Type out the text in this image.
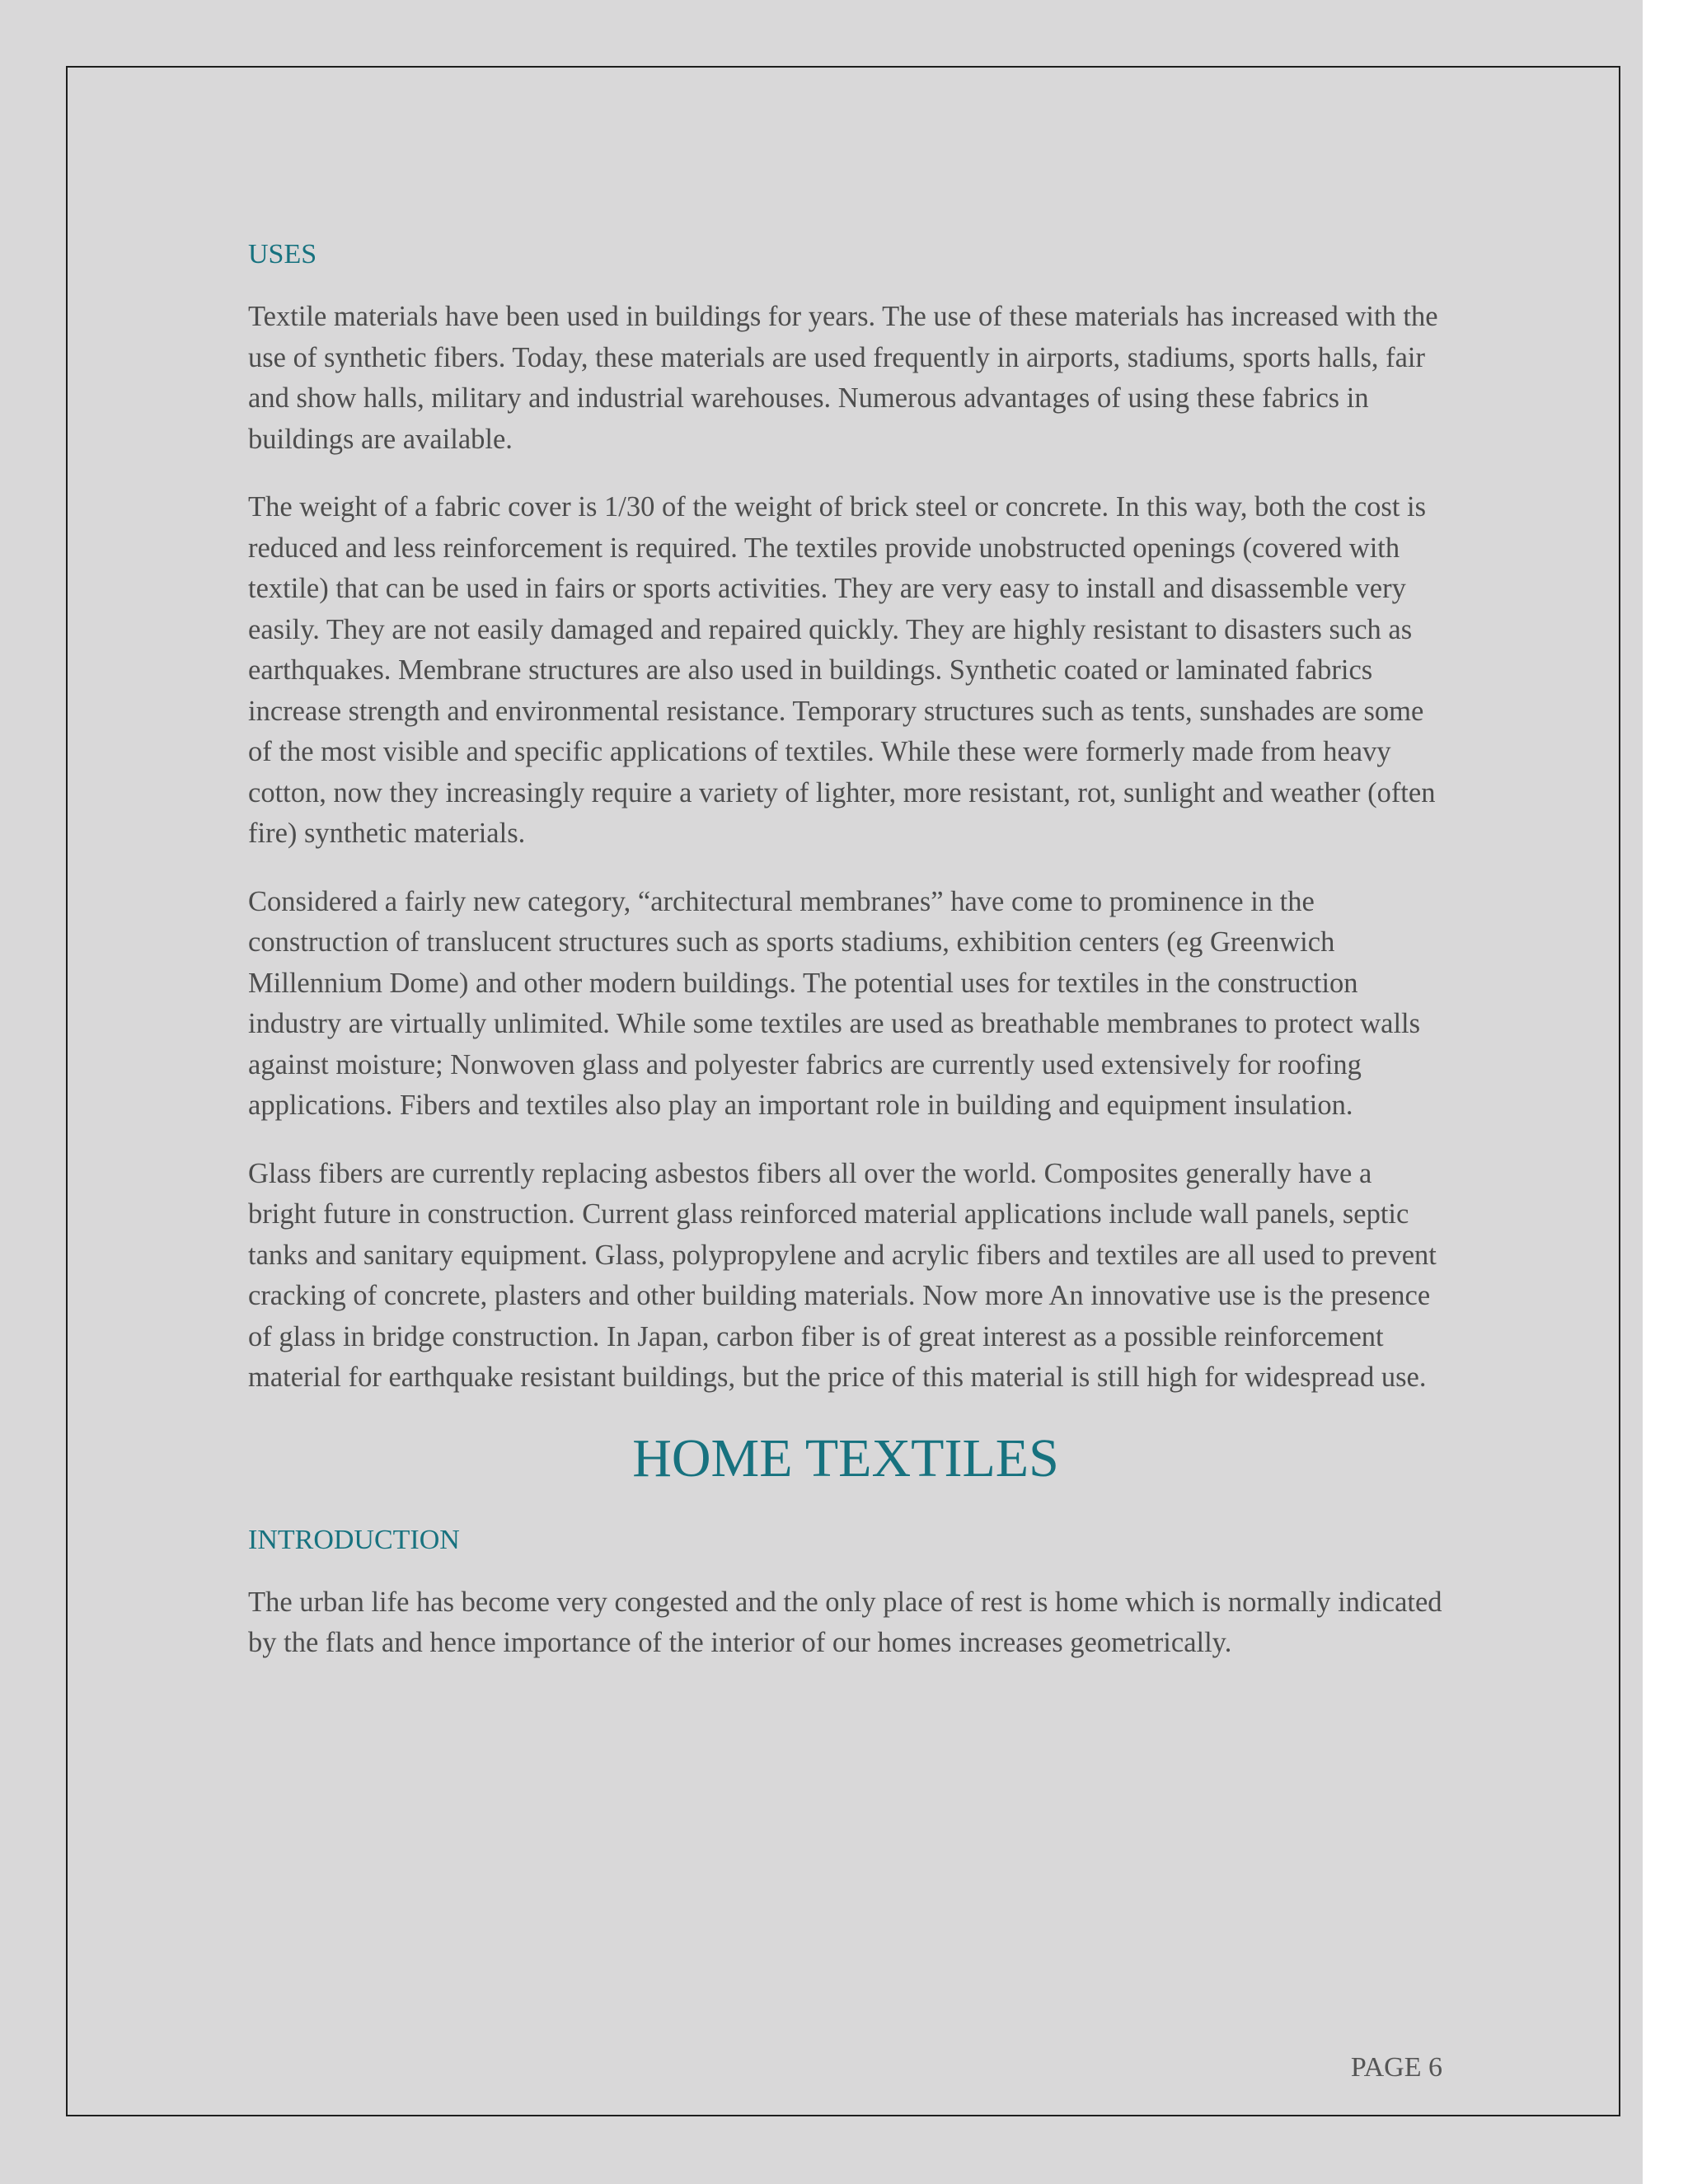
USES

Textile materials have been used in buildings for years. The use of these materials has increased with the use of synthetic fibers. Today, these materials are used frequently in airports, stadiums, sports halls, fair and show halls, military and industrial warehouses. Numerous advantages of using these fabrics in buildings are available.

The weight of a fabric cover is 1/30 of the weight of brick steel or concrete. In this way, both the cost is reduced and less reinforcement is required. The textiles provide unobstructed openings (covered with textile) that can be used in fairs or sports activities. They are very easy to install and disassemble very easily. They are not easily damaged and repaired quickly. They are highly resistant to disasters such as earthquakes. Membrane structures are also used in buildings. Synthetic coated or laminated fabrics increase strength and environmental resistance. Temporary structures such as tents, sunshades are some of the most visible and specific applications of textiles. While these were formerly made from heavy cotton, now they increasingly require a variety of lighter, more resistant, rot, sunlight and weather (often fire) synthetic materials.

Considered a fairly new category, “architectural membranes” have come to prominence in the construction of translucent structures such as sports stadiums, exhibition centers (eg Greenwich Millennium Dome) and other modern buildings. The potential uses for textiles in the construction industry are virtually unlimited. While some textiles are used as breathable membranes to protect walls against moisture; Nonwoven glass and polyester fabrics are currently used extensively for roofing applications. Fibers and textiles also play an important role in building and equipment insulation.

Glass fibers are currently replacing asbestos fibers all over the world. Composites generally have a bright future in construction. Current glass reinforced material applications include wall panels, septic tanks and sanitary equipment. Glass, polypropylene and acrylic fibers and textiles are all used to prevent cracking of concrete, plasters and other building materials. Now more An innovative use is the presence of glass in bridge construction. In Japan, carbon fiber is of great interest as a possible reinforcement material for earthquake resistant buildings, but the price of this material is still high for widespread use.

HOME TEXTILES
INTRODUCTION

The urban life has become very congested and the only place of rest is home which is normally indicated by the flats and hence importance of the interior of our homes increases geometrically.

PAGE 6
